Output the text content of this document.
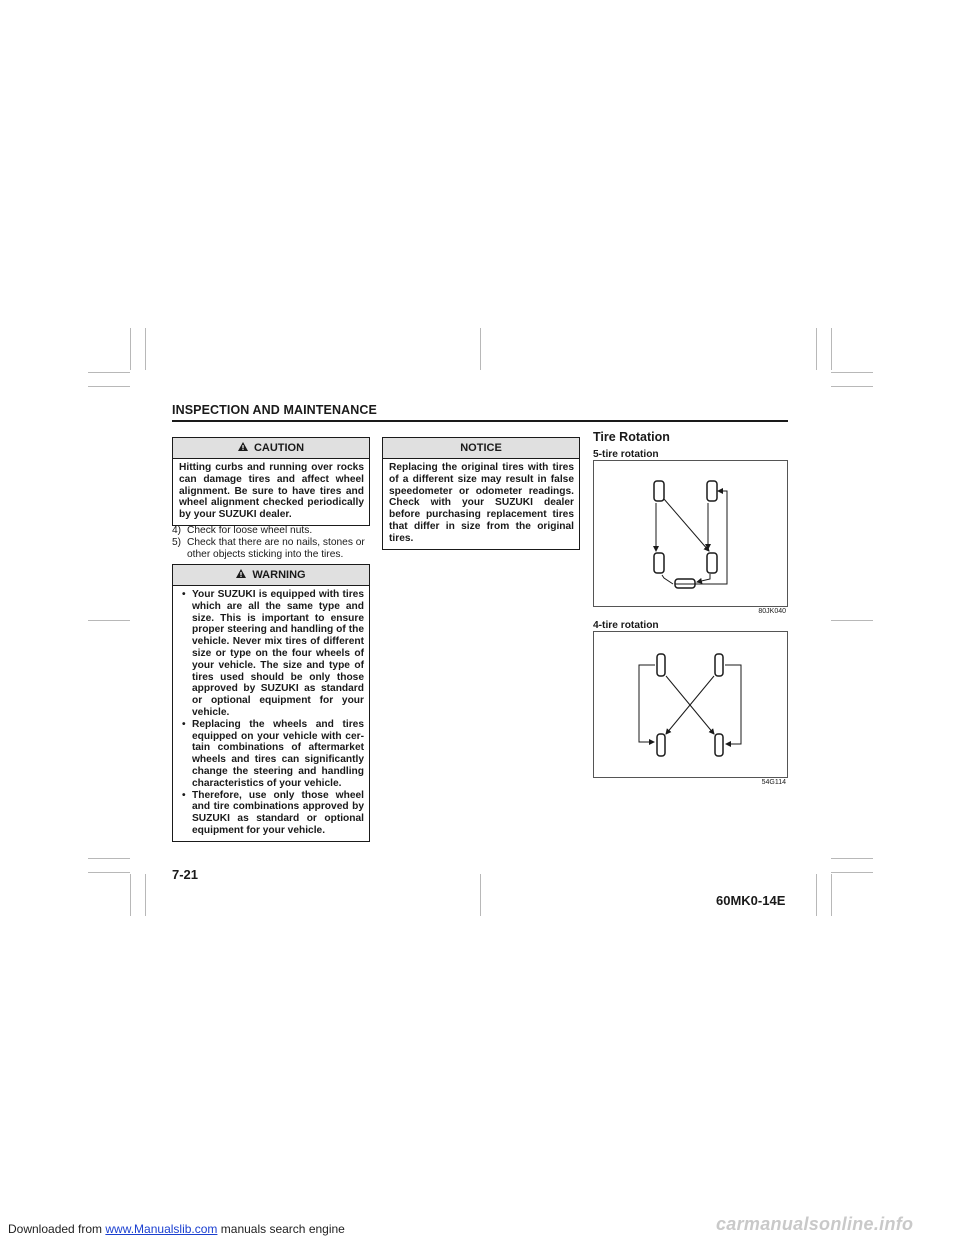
INSPECTION AND MAINTENANCE
CAUTION
Hitting curbs and running over rocks can damage tires and affect wheel alignment. Be sure to have tires and wheel alignment checked periodically by your SUZUKI dealer.
4) Check for loose wheel nuts.
5) Check that there are no nails, stones or other objects sticking into the tires.
WARNING
• Your SUZUKI is equipped with tires which are all the same type and size. This is important to ensure proper steering and handling of the vehicle. Never mix tires of different size or type on the four wheels of your vehicle. The size and type of tires used should be only those approved by SUZUKI as standard or optional equipment for your vehicle.
• Replacing the wheels and tires equipped on your vehicle with cer-tain combinations of aftermarket wheels and tires can significantly change the steering and handling characteristics of your vehicle.
• Therefore, use only those wheel and tire combinations approved by SUZUKI as standard or optional equipment for your vehicle.
NOTICE
Replacing the original tires with tires of a different size may result in false speedometer or odometer readings. Check with your SUZUKI dealer before purchasing replacement tires that differ in size from the original tires.
Tire Rotation
5-tire rotation
80JK040
4-tire rotation
54G114
7-21
60MK0-14E
Downloaded from www.Manualslib.com manuals search engine	carmanualsonline.info
